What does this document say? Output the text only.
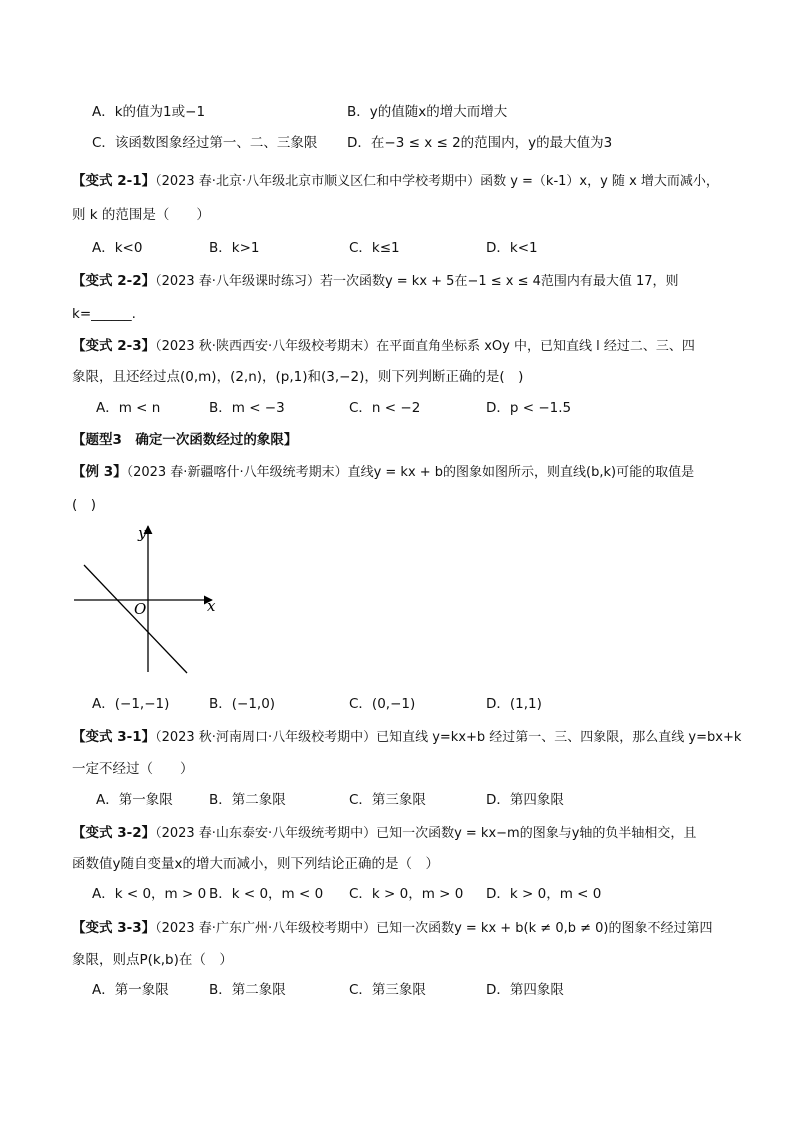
A．k的值为1或−1	B．y的值随x的增大而增大
C．该函数图象经过第一、二、三象限 D．在−3 ≤ x ≤ 2的范围内，y的最大值为3
【变式 2-1】（2023 春·北京·八年级北京市顺义区仁和中学校考期中）函数 y =（k-1）x，y 随 x 增大而减小，
则 k 的范围是（　　）
A．k<0	B．k>1	C．k≤1	D．k<1
【变式 2-2】（2023 春·八年级课时练习）若一次函数y = kx + 5在−1 ≤ x ≤ 4范围内有最大值 17，则
k=______.
【变式 2-3】（2023 秋·陕西西安·八年级校考期末）在平面直角坐标系 xOy 中，已知直线 l 经过二、三、四
象限，且还经过点(0,m)，(2,n)，(p,1)和(3,−2)，则下列判断正确的是(　)
A．m < n	B．m < −3	C．n < −2	D．p < −1.5
【题型3　确定一次函数经过的象限】
【例 3】（2023 春·新疆喀什·八年级统考期末）直线y = kx + b的图象如图所示，则直线(b,k)可能的取值是
(　)
y
x
O
A．(−1,−1)	B．(−1,0)	C．(0,−1)	D．(1,1)
【变式 3-1】（2023 秋·河南周口·八年级校考期中）已知直线 y=kx+b 经过第一、三、四象限，那么直线 y=bx+k
一定不经过（　　）
A．第一象限	B．第二象限	C．第三象限	D．第四象限
【变式 3-2】（2023 春·山东泰安·八年级统考期中）已知一次函数y = kx−m的图象与y轴的负半轴相交，且
函数值y随自变量x的增大而减小，则下列结论正确的是（　）
A．k < 0，m > 0 B．k < 0，m < 0 C．k > 0，m > 0 D．k > 0，m < 0
【变式 3-3】（2023 春·广东广州·八年级校考期中）已知一次函数y = kx + b(k ≠ 0,b ≠ 0)的图象不经过第四
象限，则点P(k,b)在（　）
A．第一象限	B．第二象限	C．第三象限	D．第四象限
